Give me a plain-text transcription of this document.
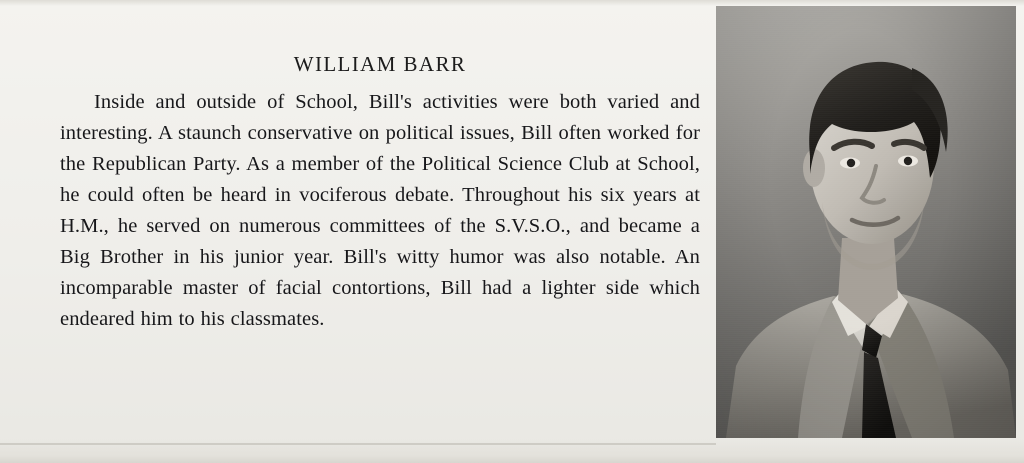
WILLIAM BARR

Inside and outside of School, Bill's activities were both varied and interesting. A staunch conservative on political issues, Bill often worked for the Republican Party. As a member of the Political Science Club at School, he could often be heard in vociferous debate. Throughout his six years at H.M., he served on numerous committees of the S.V.S.O., and became a Big Brother in his junior year. Bill's witty humor was also notable. An incomparable master of facial contortions, Bill had a lighter side which endeared him to his classmates.
